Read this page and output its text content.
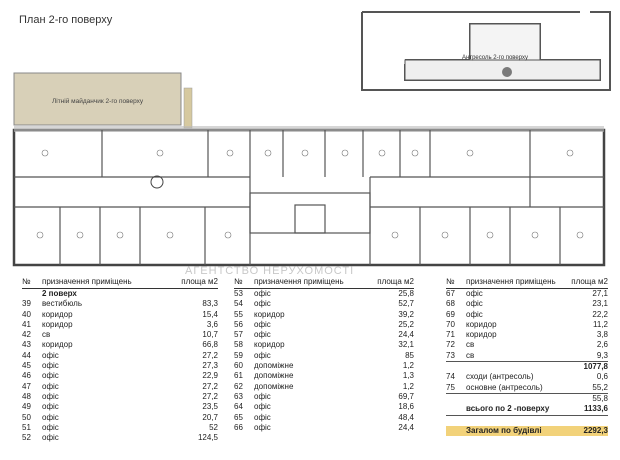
План 2-го поверху
Антресоль 2-го поверху
Літній майданчик 2-го поверху
АГЕНТСТВО НЕРУХОМОСТІ
№	призначення приміщень	площа м2
	2 поверх	
39	вестибюль	83,3
40	коридор	15,4
41	коридор	3,6
42	св	10,7
43	коридор	66,8
44	офіс	27,2
45	офіс	27,3
46	офіс	22,9
47	офіс	27,2
48	офіс	27,2
49	офіс	23,5
50	офіс	20,7
51	офіс	52
52	офіс	124,5
№	призначення приміщень	площа м2
53	офіс	25,8
54	офіс	52,7
55	коридор	39,2
56	офіс	25,2
57	офіс	24,4
58	коридор	32,1
59	офіс	85
60	допоміжне	1,2
61	допоміжне	1,3
62	допоміжне	1,2
63	офіс	69,7
64	офіс	18,6
65	офіс	48,4
66	офіс	24,4
№	призначення приміщень	площа м2
67	офіс	27,1
68	офіс	23,1
69	офіс	22,2
70	коридор	11,2
71	коридор	3,8
72	св	2,6
73	св	9,3
		1077,8
74	сходи (антресоль)	0,6
75	основне (антресоль)	55,2
		55,8
	всього по 2 -поверху	1133,6

	Загалом по будівлі	2292,3
